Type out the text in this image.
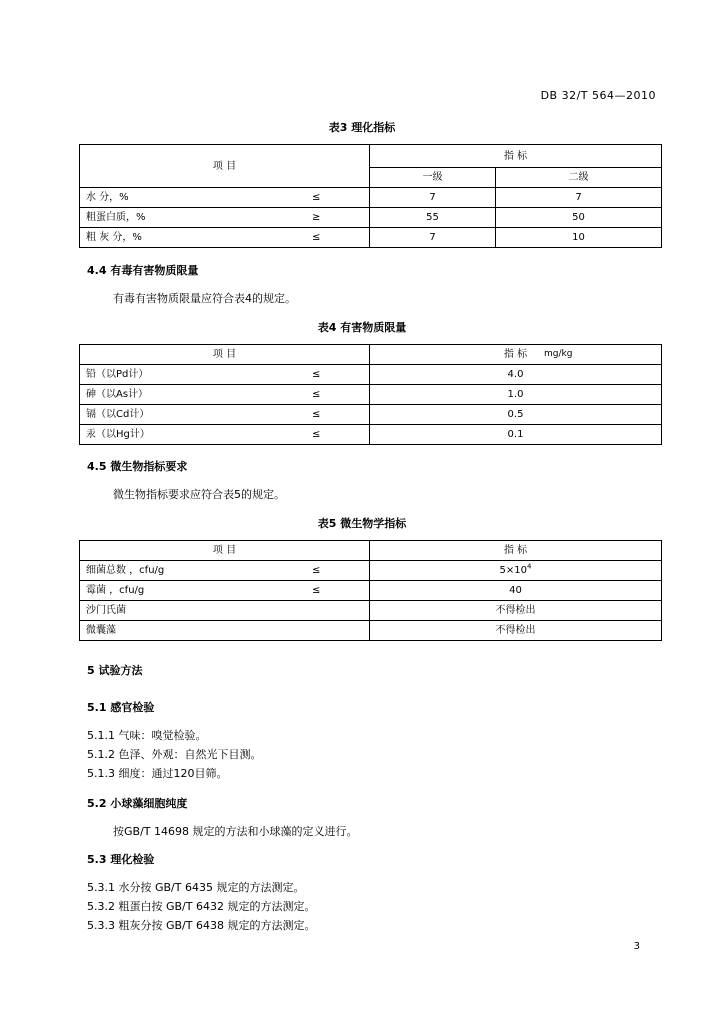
DB 32/T 564—2010
表3 理化指标
项 目	指 标	
	一级	二级
水 分，% ≤	7	7
粗蛋白质，% ≥	55	50
粗 灰 分，% ≤	7	10
4.4 有毒有害物质限量
有毒有害物质限量应符合表4的规定。
表4 有害物质限量
项 目	指 标 mg/kg

铅（以Pd计） ≤	4.0
砷（以As计） ≤	1.0
镉（以Cd计） ≤	0.5
汞（以Hg计） ≤	0.1
4.5 微生物指标要求
微生物指标要求应符合表5的规定。
表5 微生物学指标
项 目	指 标
细菌总数 ，cfu/g ≤	$5\times 10^4$
霉菌 ，cfu/g ≤	40
沙门氏菌	不得检出
微囊藻	不得检出
5 试验方法
5.1 感官检验
5.1.1 气味：嗅觉检验。
5.1.2 色泽、外观：自然光下目测。
5.1.3 细度：通过120目筛。
5.2 小球藻细胞纯度
按GB/T 14698 规定的方法和小球藻的定义进行。
5.3 理化检验
5.3.1 水分按 GB/T 6435 规定的方法测定。
5.3.2 粗蛋白按 GB/T 6432 规定的方法测定。
5.3.3 粗灰分按 GB/T 6438 规定的方法测定。
3
